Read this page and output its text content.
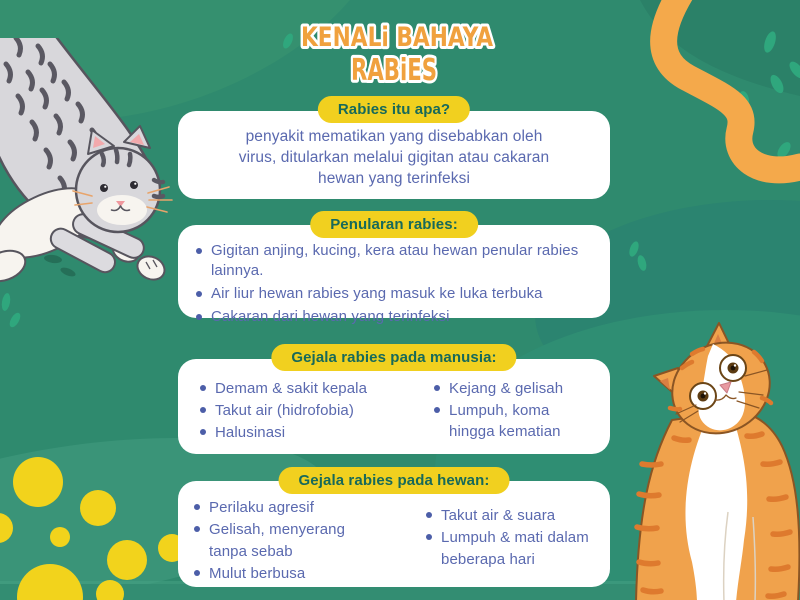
KENALi BAHAYA
RABiES

penyakit mematikan yang disebabkan oleh
virus, ditularkan melalui gigitan atau cakaran
hewan yang terinfeksi

Rabies itu apa?
Gigitan anjing, kucing, kera atau hewan penular rabies lainnya.
Air liur hewan rabies yang masuk ke luka terbuka
Cakaran dari hewan yang terinfeksi
Penularan rabies:
Demam & sakit kepala
Takut air (hidrofobia)
Halusinasi
Kejang & gelisah
Lumpuh, koma hingga kematian
Gejala rabies pada manusia:
Perilaku agresif
Gelisah, menyerang tanpa sebab
Mulut berbusa
Takut air & suara
Lumpuh & mati dalam beberapa hari
Gejala rabies pada hewan:
